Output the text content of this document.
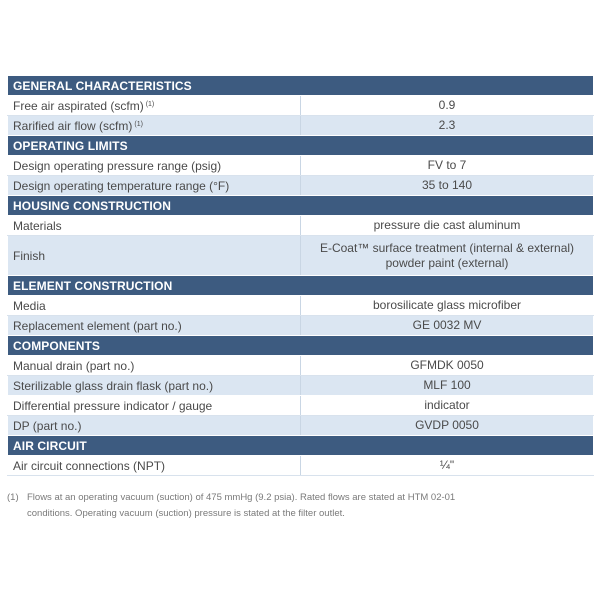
GENERAL CHARACTERISTICS	
Free air aspirated (scfm) $^{(1)}$	0.9
Rarified air flow (scfm) $^{(1)}$	2.3
OPERATING LIMITS	
Design operating pressure range (psig)	FV to 7
Design operating temperature range (°F)	35 to 140
HOUSING CONSTRUCTION	
Materials	pressure die cast aluminum
Finish	E-Coat™ surface treatment (internal & external)
powder paint (external)
ELEMENT CONSTRUCTION	
Media	borosilicate glass microfiber
Replacement element (part no.)	GE 0032 MV
COMPONENTS	
Manual drain (part no.)	GFMDK 0050
Sterilizable glass drain flask (part no.)	MLF 100
Differential pressure indicator / gauge	indicator
DP (part no.)	GVDP 0050
AIR CIRCUIT	
Air circuit connections (NPT)	¼"
(1) Flows at an operating vacuum (suction) of 475 mmHg (9.2 psia). Rated flows are stated at HTM 02-01
conditions. Operating vacuum (suction) pressure is stated at the filter outlet.
